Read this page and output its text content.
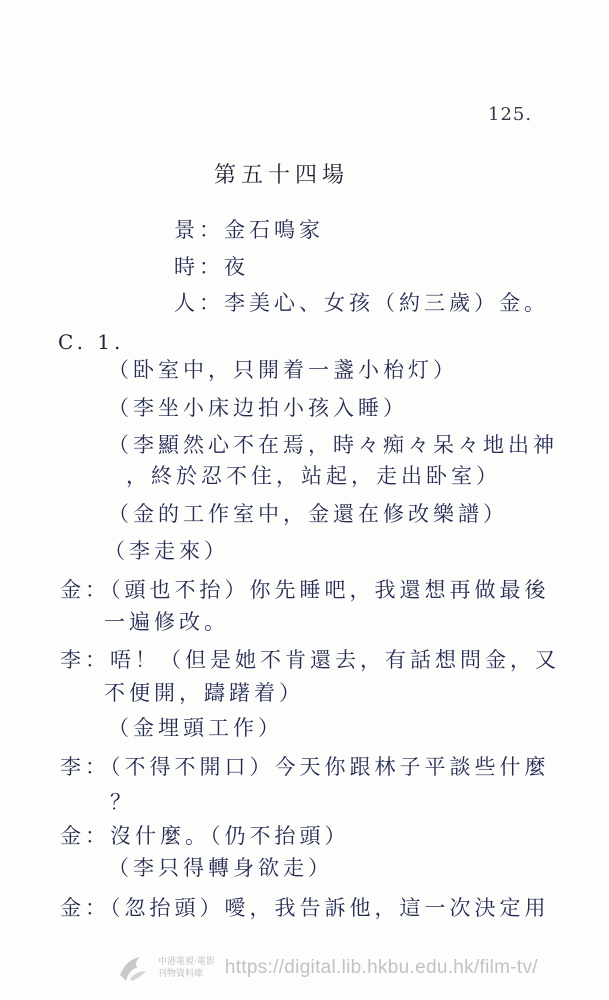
125.
第五十四場
景：金石鳴家
時：夜
人：李美心、女孩（約三歲）金。
C. 1.
（卧室中，只開着一盞小枱灯）
（李坐小床边拍小孩入睡）
（李顯然心不在焉，時々痴々呆々地出神
，終於忍不住，站起，走出卧室）
（金的工作室中，金還在修改樂譜）
（李走來）
金：（頭也不抬）你先睡吧，我還想再做最後
一遍修改。
李：唔！（但是她不肯還去，有話想問金，又
不便開，躊躇着）
（金埋頭工作）
李：（不得不開口）今天你跟林子平談些什麼
？
金：沒什麼。（仍不抬頭）
（李只得轉身欲走）
金：（忽抬頭）噯，我告訴他，這一次決定用
中港電視·電影
刊物資料庫	https://digital.lib.hkbu.edu.hk/film-tv/
